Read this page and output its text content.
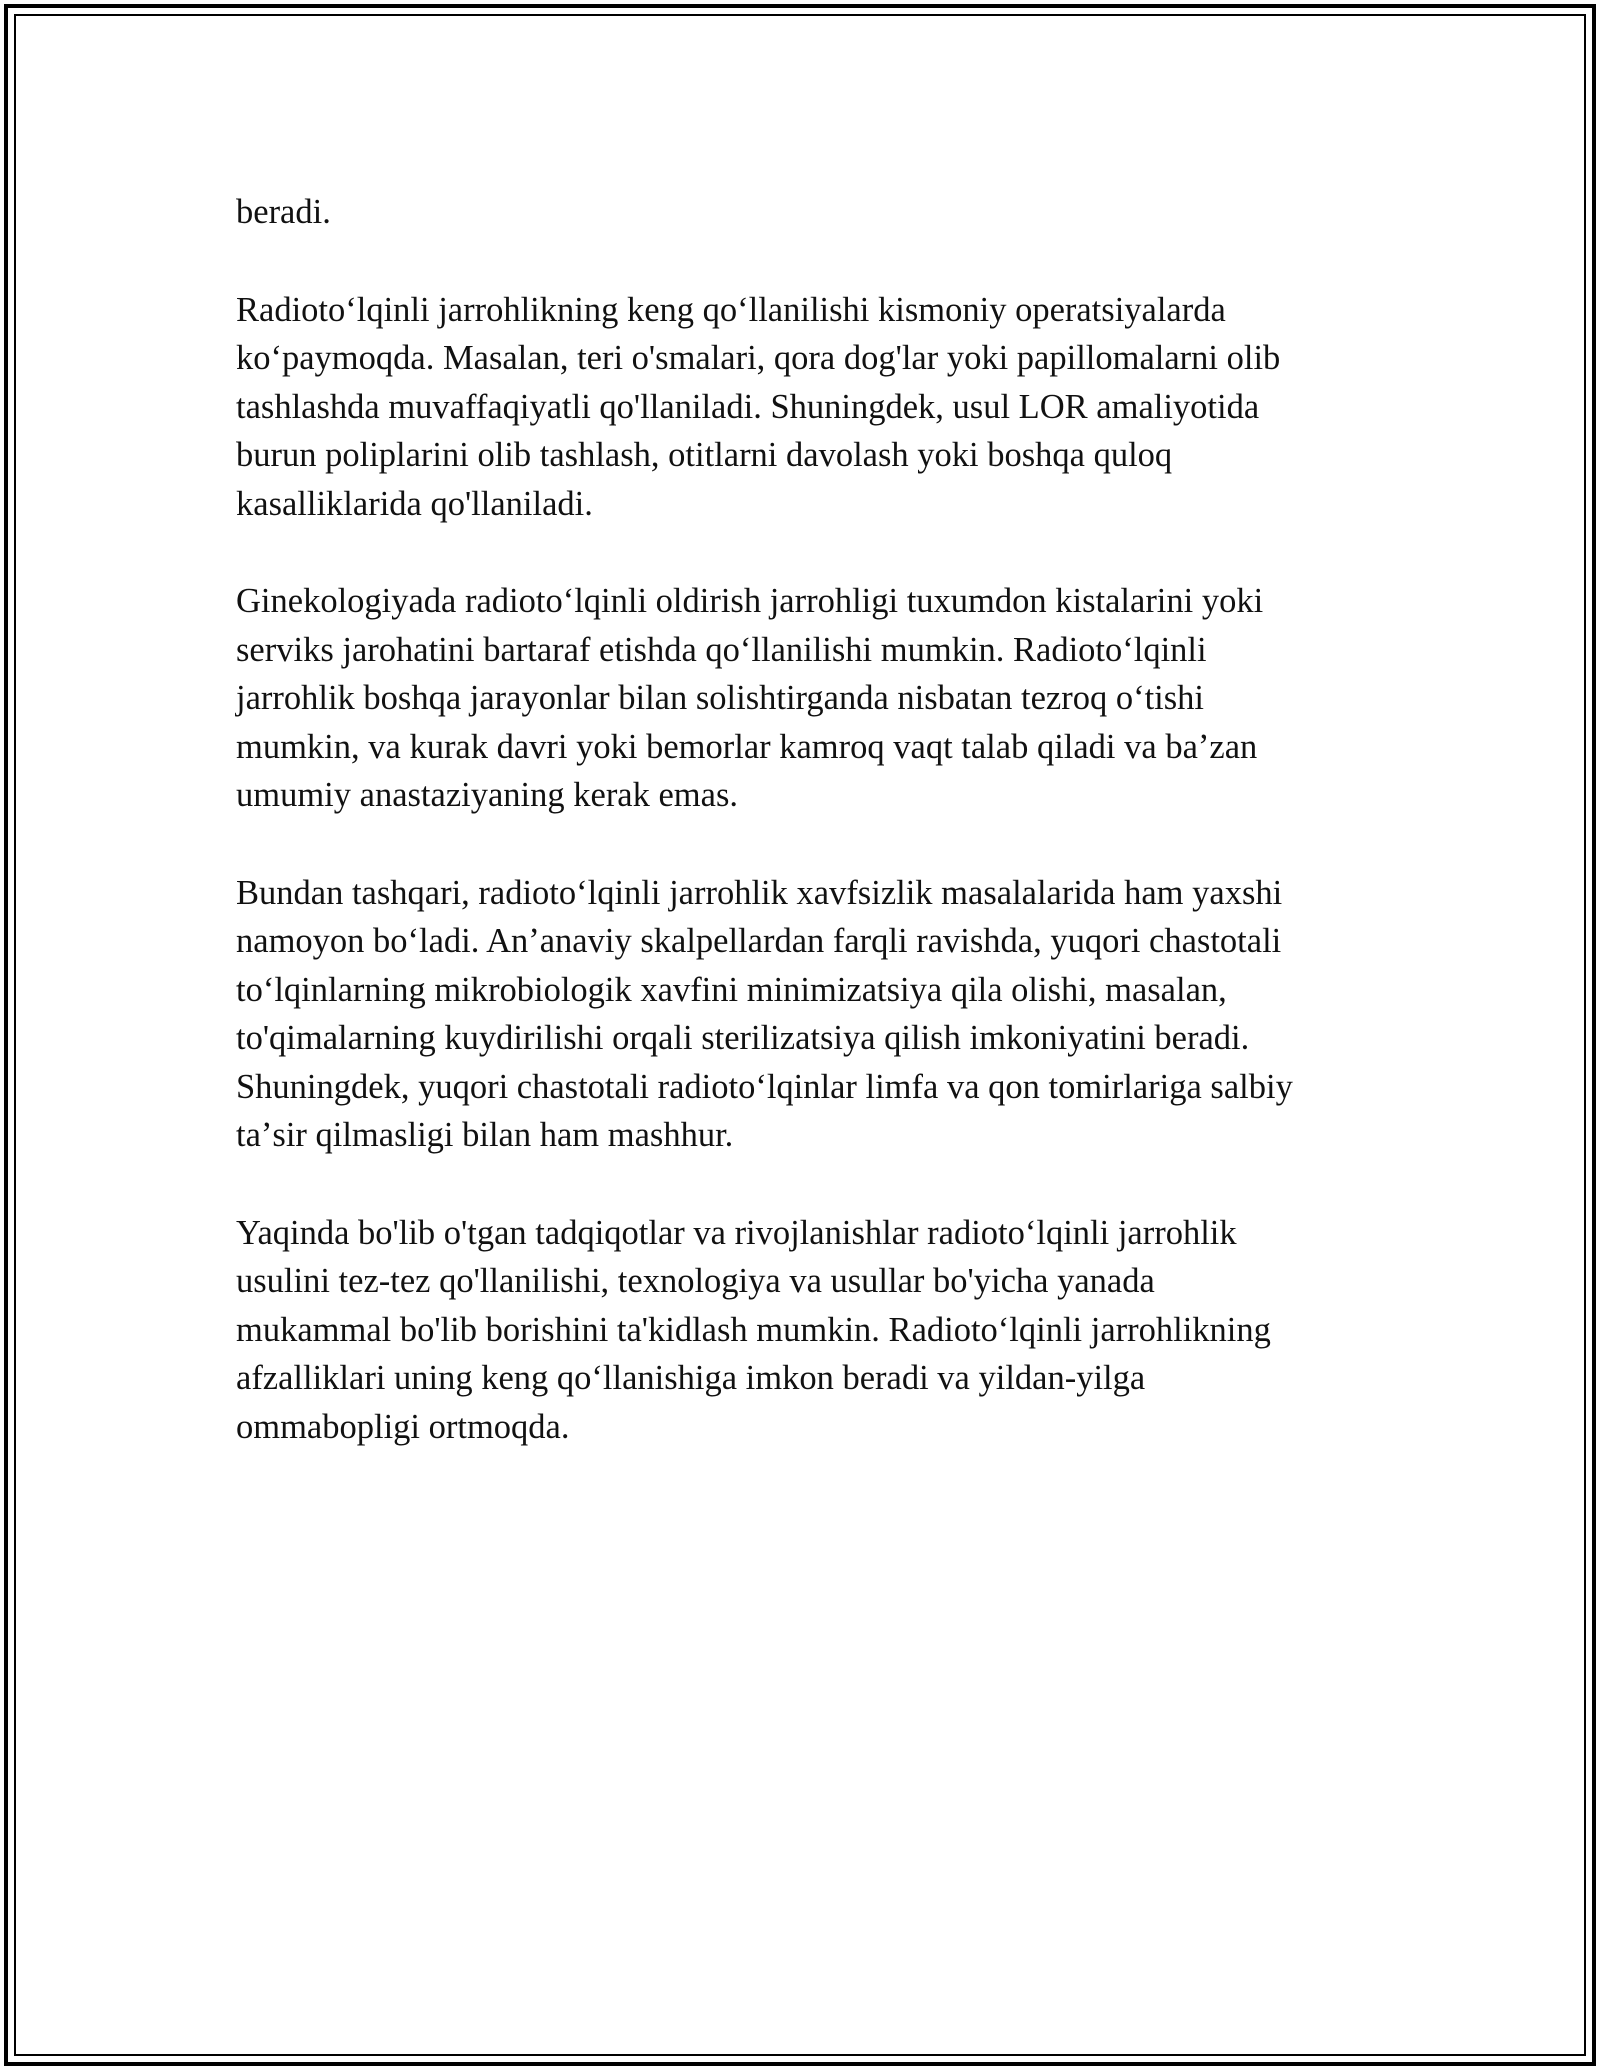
beradi.

Radiotoʻlqinli jarrohlikning keng qoʻllanilishi kismoniy operatsiyalarda
koʻpaymoqda. Masalan, teri o'smalari, qora dog'lar yoki papillomalarni olib
tashlashda muvaffaqiyatli qo'llaniladi. Shuningdek, usul LOR amaliyotida
burun poliplarini olib tashlash, otitlarni davolash yoki boshqa quloq
kasalliklarida qo'llaniladi.

Ginekologiyada radiotoʻlqinli oldirish jarrohligi tuxumdon kistalarini yoki
serviks jarohatini bartaraf etishda qoʻllanilishi mumkin. Radiotoʻlqinli
jarrohlik boshqa jarayonlar bilan solishtirganda nisbatan tezroq oʻtishi
mumkin, va kurak davri yoki bemorlar kamroq vaqt talab qiladi va baʼzan
umumiy anastaziyaning kerak emas.

Bundan tashqari, radiotoʻlqinli jarrohlik xavfsizlik masalalarida ham yaxshi
namoyon boʻladi. Anʼanaviy skalpellardan farqli ravishda, yuqori chastotali
toʻlqinlarning mikrobiologik xavfini minimizatsiya qila olishi, masalan,
to'qimalarning kuydirilishi orqali sterilizatsiya qilish imkoniyatini beradi.
Shuningdek, yuqori chastotali radiotoʻlqinlar limfa va qon tomirlariga salbiy
taʼsir qilmasligi bilan ham mashhur.

Yaqinda bo'lib o'tgan tadqiqotlar va rivojlanishlar radiotoʻlqinli jarrohlik
usulini tez-tez qo'llanilishi, texnologiya va usullar bo'yicha yanada
mukammal bo'lib borishini ta'kidlash mumkin. Radiotoʻlqinli jarrohlikning
afzalliklari uning keng qoʻllanishiga imkon beradi va yildan-yilga
ommabopligi ortmoqda.
